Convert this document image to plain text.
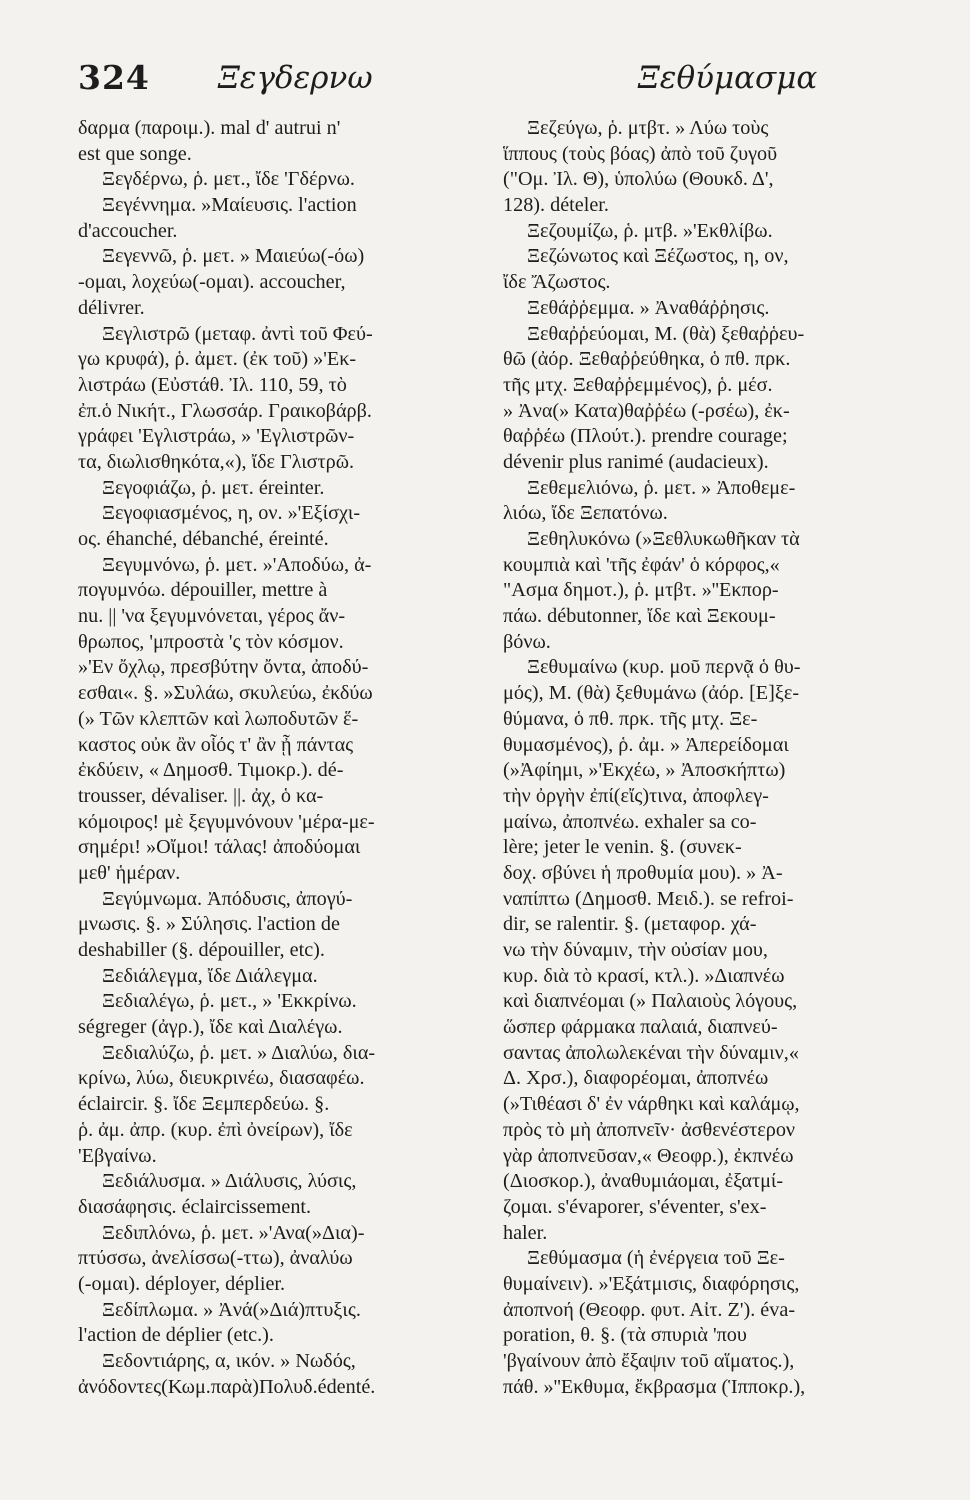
324 Ξεγδερνω	Ξεθύμασμα
δαρμα (παροιμ.). mal d' autrui n'
est que songe.
Ξεγδέρνω, ῥ. μετ., ἴδε 'Γδέρνω.
Ξεγέννημα. »Μαίευσις. l'action
d'accoucher.
Ξεγεννῶ, ῥ. μετ. » Μαιεύω(-όω)
-ομαι, λοχεύω(-ομαι). accoucher,
délivrer.
Ξεγλιστρῶ (μεταφ. ἀντὶ τοῦ Φεύ-
γω κρυφά), ῥ. ἀμετ. (ἐκ τοῦ) »'Εκ-
λιστράω (Εὐστάθ. Ἰλ. 110, 59, τὸ
ἐπ.ὁ Νικήτ., Γλωσσάρ. Γραικοβάρβ.
γράφει 'Εγλιστράω, » 'Εγλιστρῶν-
τα, διωλισθηκότα,«), ἴδε Γλιστρῶ.
Ξεγοφιάζω, ῥ. μετ. éreinter.
Ξεγοφιασμένος, η, ον. »'Εξίσχι-
ος. éhanché, débanché, éreinté.
Ξεγυμνόνω, ῥ. μετ. »'Αποδύω, ἀ-
πογυμνόω. dépouiller, mettre à
nu. || 'να ξεγυμνόνεται, γέρος ἄν-
θρωπος, 'μπροστὰ 'ς τὸν κόσμον.
»'Εν ὄχλῳ, πρεσβύτην ὄντα, ἀποδύ-
εσθαι«. §. »Συλάω, σκυλεύω, ἐκδύω
(» Τῶν κλεπτῶν καὶ λωποδυτῶν ἕ-
καστος οὐκ ἂν οἷός τ' ἂν ᾖ πάντας
ἐκδύειν, « Δημοσθ. Τιμοκρ.). dé-
trousser, dévaliser. ||. ἀχ, ὁ κα-
κόμοιρος! μὲ ξεγυμνόνουν 'μέρα-με-
σημέρι! »Οἴμοι! τάλας! ἀποδύομαι
μεθ' ἡμέραν.
Ξεγύμνωμα. Ἀπόδυσις, ἀπογύ-
μνωσις. §. » Σύλησις. l'action de
deshabiller (§. dépouiller, etc).
Ξεδιάλεγμα, ἴδε Διάλεγμα.
Ξεδιαλέγω, ῥ. μετ., » 'Εκκρίνω.
ségreger (ἀγρ.), ἴδε καὶ Διαλέγω.
Ξεδιαλύζω, ῥ. μετ. » Διαλύω, δια-
κρίνω, λύω, διευκρινέω, διασαφέω.
éclaircir. §. ἴδε Ξεμπερδεύω. §.
ῥ. ἀμ. ἀπρ. (κυρ. ἐπὶ ὀνείρων), ἴδε
'Εβγαίνω.
Ξεδιάλυσμα. » Διάλυσις, λύσις,
διασάφησις. éclaircissement.
Ξεδιπλόνω, ῥ. μετ. »'Ανα(»Δια)-
πτύσσω, ἀνελίσσω(-ττω), ἀναλύω
(-ομαι). déployer, déplier.
Ξεδίπλωμα. » Ἀνά(»Διά)πτυξις.
l'action de déplier (etc.).
Ξεδοντιάρης, α, ικόν. » Νωδός,
ἀνόδοντες(Κωμ.παρὰ)Πολυδ.édenté.
Ξεζεύγω, ῥ. μτβτ. » Λύω τοὺς
ἵππους (τοὺς βόας) ἀπὸ τοῦ ζυγοῦ
("Ομ. Ἰλ. Θ), ὑπολύω (Θουκδ. Δ',
128). dételer.
Ξεζουμίζω, ῥ. μτβ. »'Εκθλίβω.
Ξεζώνωτος καὶ Ξέζωστος, η, ον,
ἴδε Ἄζωστος.
Ξεθάῤῥεμμα. » Ἀναθάῤῥησις.
Ξεθαῤῥεύομαι, Μ. (θὰ) ξεθαῤῥευ-
θῶ (ἀόρ. Ξεθαῤῥεύθηκα, ὁ πθ. πρκ.
τῆς μτχ. Ξεθαῤῥεμμένος), ῥ. μέσ.
» Ἀνα(» Κατα)θαῤῥέω (-ρσέω), ἐκ-
θαῤῥέω (Πλούτ.). prendre courage;
dévenir plus ranimé (audacieux).
Ξεθεμελιόνω, ῥ. μετ. » Ἀποθεμε-
λιόω, ἴδε Ξεπατόνω.
Ξεθηλυκόνω (»Ξεθλυκωθῆκαν τὰ
κουμπιὰ καὶ 'τῆς ἐφάν' ὁ κόρφος,«
"Ασμα δημοτ.), ῥ. μτβτ. »''Εκπορ-
πάω. débutonner, ἴδε καὶ Ξεκουμ-
βόνω.
Ξεθυμαίνω (κυρ. μοῦ περνᾷ ὁ θυ-
μός), Μ. (θὰ) ξεθυμάνω (ἀόρ. [Ε]ξε-
θύμανα, ὁ πθ. πρκ. τῆς μτχ. Ξε-
θυμασμένος), ῥ. ἀμ. » Ἀπερείδομαι
(»Ἀφίημι, »'Εκχέω, » Ἀποσκήπτω)
τὴν ὀργὴν ἐπί(εἴς)τινα, ἀποφλεγ-
μαίνω, ἀποπνέω. exhaler sa co-
lère; jeter le venin. §. (συνεκ-
δοχ. σβύνει ἡ προθυμία μου). » Ἀ-
ναπίπτω (Δημοσθ. Μειδ.). se refroi-
dir, se ralentir. §. (μεταφορ. χά-
νω τὴν δύναμιν, τὴν οὐσίαν μου,
κυρ. διὰ τὸ κρασί, κτλ.). »Διαπνέω
καὶ διαπνέομαι (» Παλαιοὺς λόγους,
ὥσπερ φάρμακα παλαιά, διαπνεύ-
σαντας ἀπολωλεκέναι τὴν δύναμιν,«
Δ. Χρσ.), διαφορέομαι, ἀποπνέω
(»Τιθέασι δ' ἐν νάρθηκι καὶ καλάμῳ,
πρὸς τὸ μὴ ἀποπνεῖν· ἀσθενέστερον
γὰρ ἀποπνεῦσαν,« Θεοφρ.), ἐκπνέω
(Διοσκορ.), ἀναθυμιάομαι, ἐξατμί-
ζομαι. s'évaporer, s'éventer, s'ex-
haler.
Ξεθύμασμα (ἡ ἐνέργεια τοῦ Ξε-
θυμαίνειν). »'Εξάτμισις, διαφόρησις,
ἀποπνοή (Θεοφρ. φυτ. Αἰτ. Ζ'). éva-
poration, θ. §. (τὰ σπυριὰ 'που
'βγαίνουν ἀπὸ ἔξαψιν τοῦ αἵματος.),
πάθ. »''Εκθυμα, ἔκβρασμα (Ἱπποκρ.),
